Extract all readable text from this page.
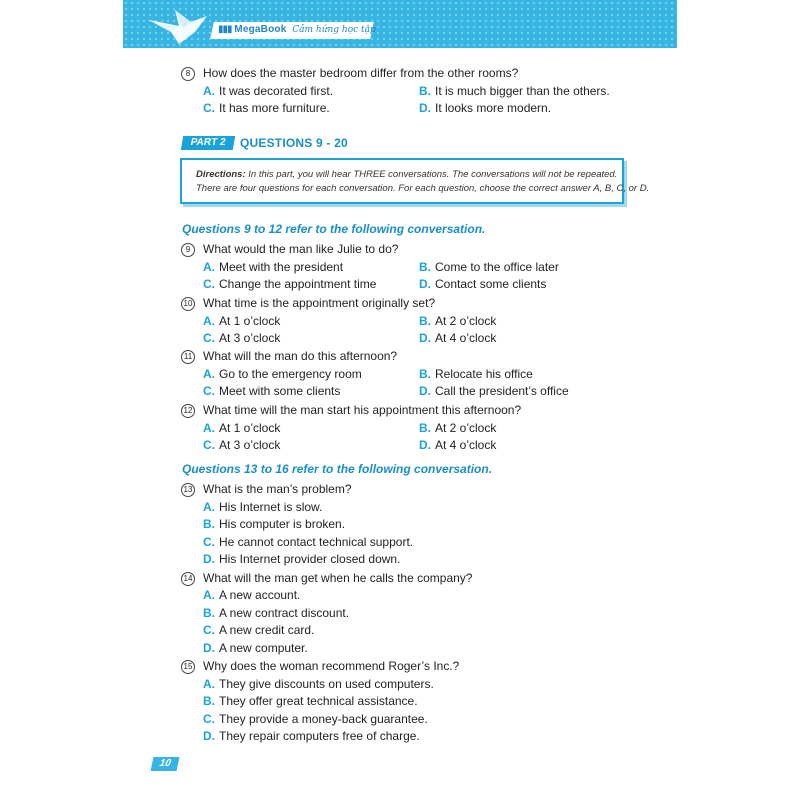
▮▮▮ MegaBook Cảm hứng học tập
8	How does the master bedroom differ from the other rooms?
A. It was decorated first.	B. It is much bigger than the others.
C. It has more furniture.	D. It looks more modern.
PART 2	QUESTIONS 9 - 20
Directions: In this part, you will hear THREE conversations. The conversations will not be repeated.
There are four questions for each conversation. For each question, choose the correct answer A, B, C, or D.
Questions 9 to 12 refer to the following conversation.
9	What would the man like Julie to do?
A. Meet with the president	B. Come to the office later
C. Change the appointment time	D. Contact some clients
10 What time is the appointment originally set?
A. At 1 o’clock	B. At 2 o’clock
C. At 3 o’clock	D. At 4 o’clock
11 What will the man do this afternoon?
A. Go to the emergency room	B. Relocate his office
C. Meet with some clients	D. Call the president’s office
12 What time will the man start his appointment this afternoon?
A. At 1 o’clock	B. At 2 o’clock
C. At 3 o’clock	D. At 4 o’clock
Questions 13 to 16 refer to the following conversation.
13 What is the man’s problem?
A. His Internet is slow.
B. His computer is broken.
C. He cannot contact technical support.
D. His Internet provider closed down.
14 What will the man get when he calls the company?
A. A new account.
B. A new contract discount.
C. A new credit card.
D. A new computer.
15 Why does the woman recommend Roger’s Inc.?
A. They give discounts on used computers.
B. They offer great technical assistance.
C. They provide a money-back guarantee.
D. They repair computers free of charge.
10
